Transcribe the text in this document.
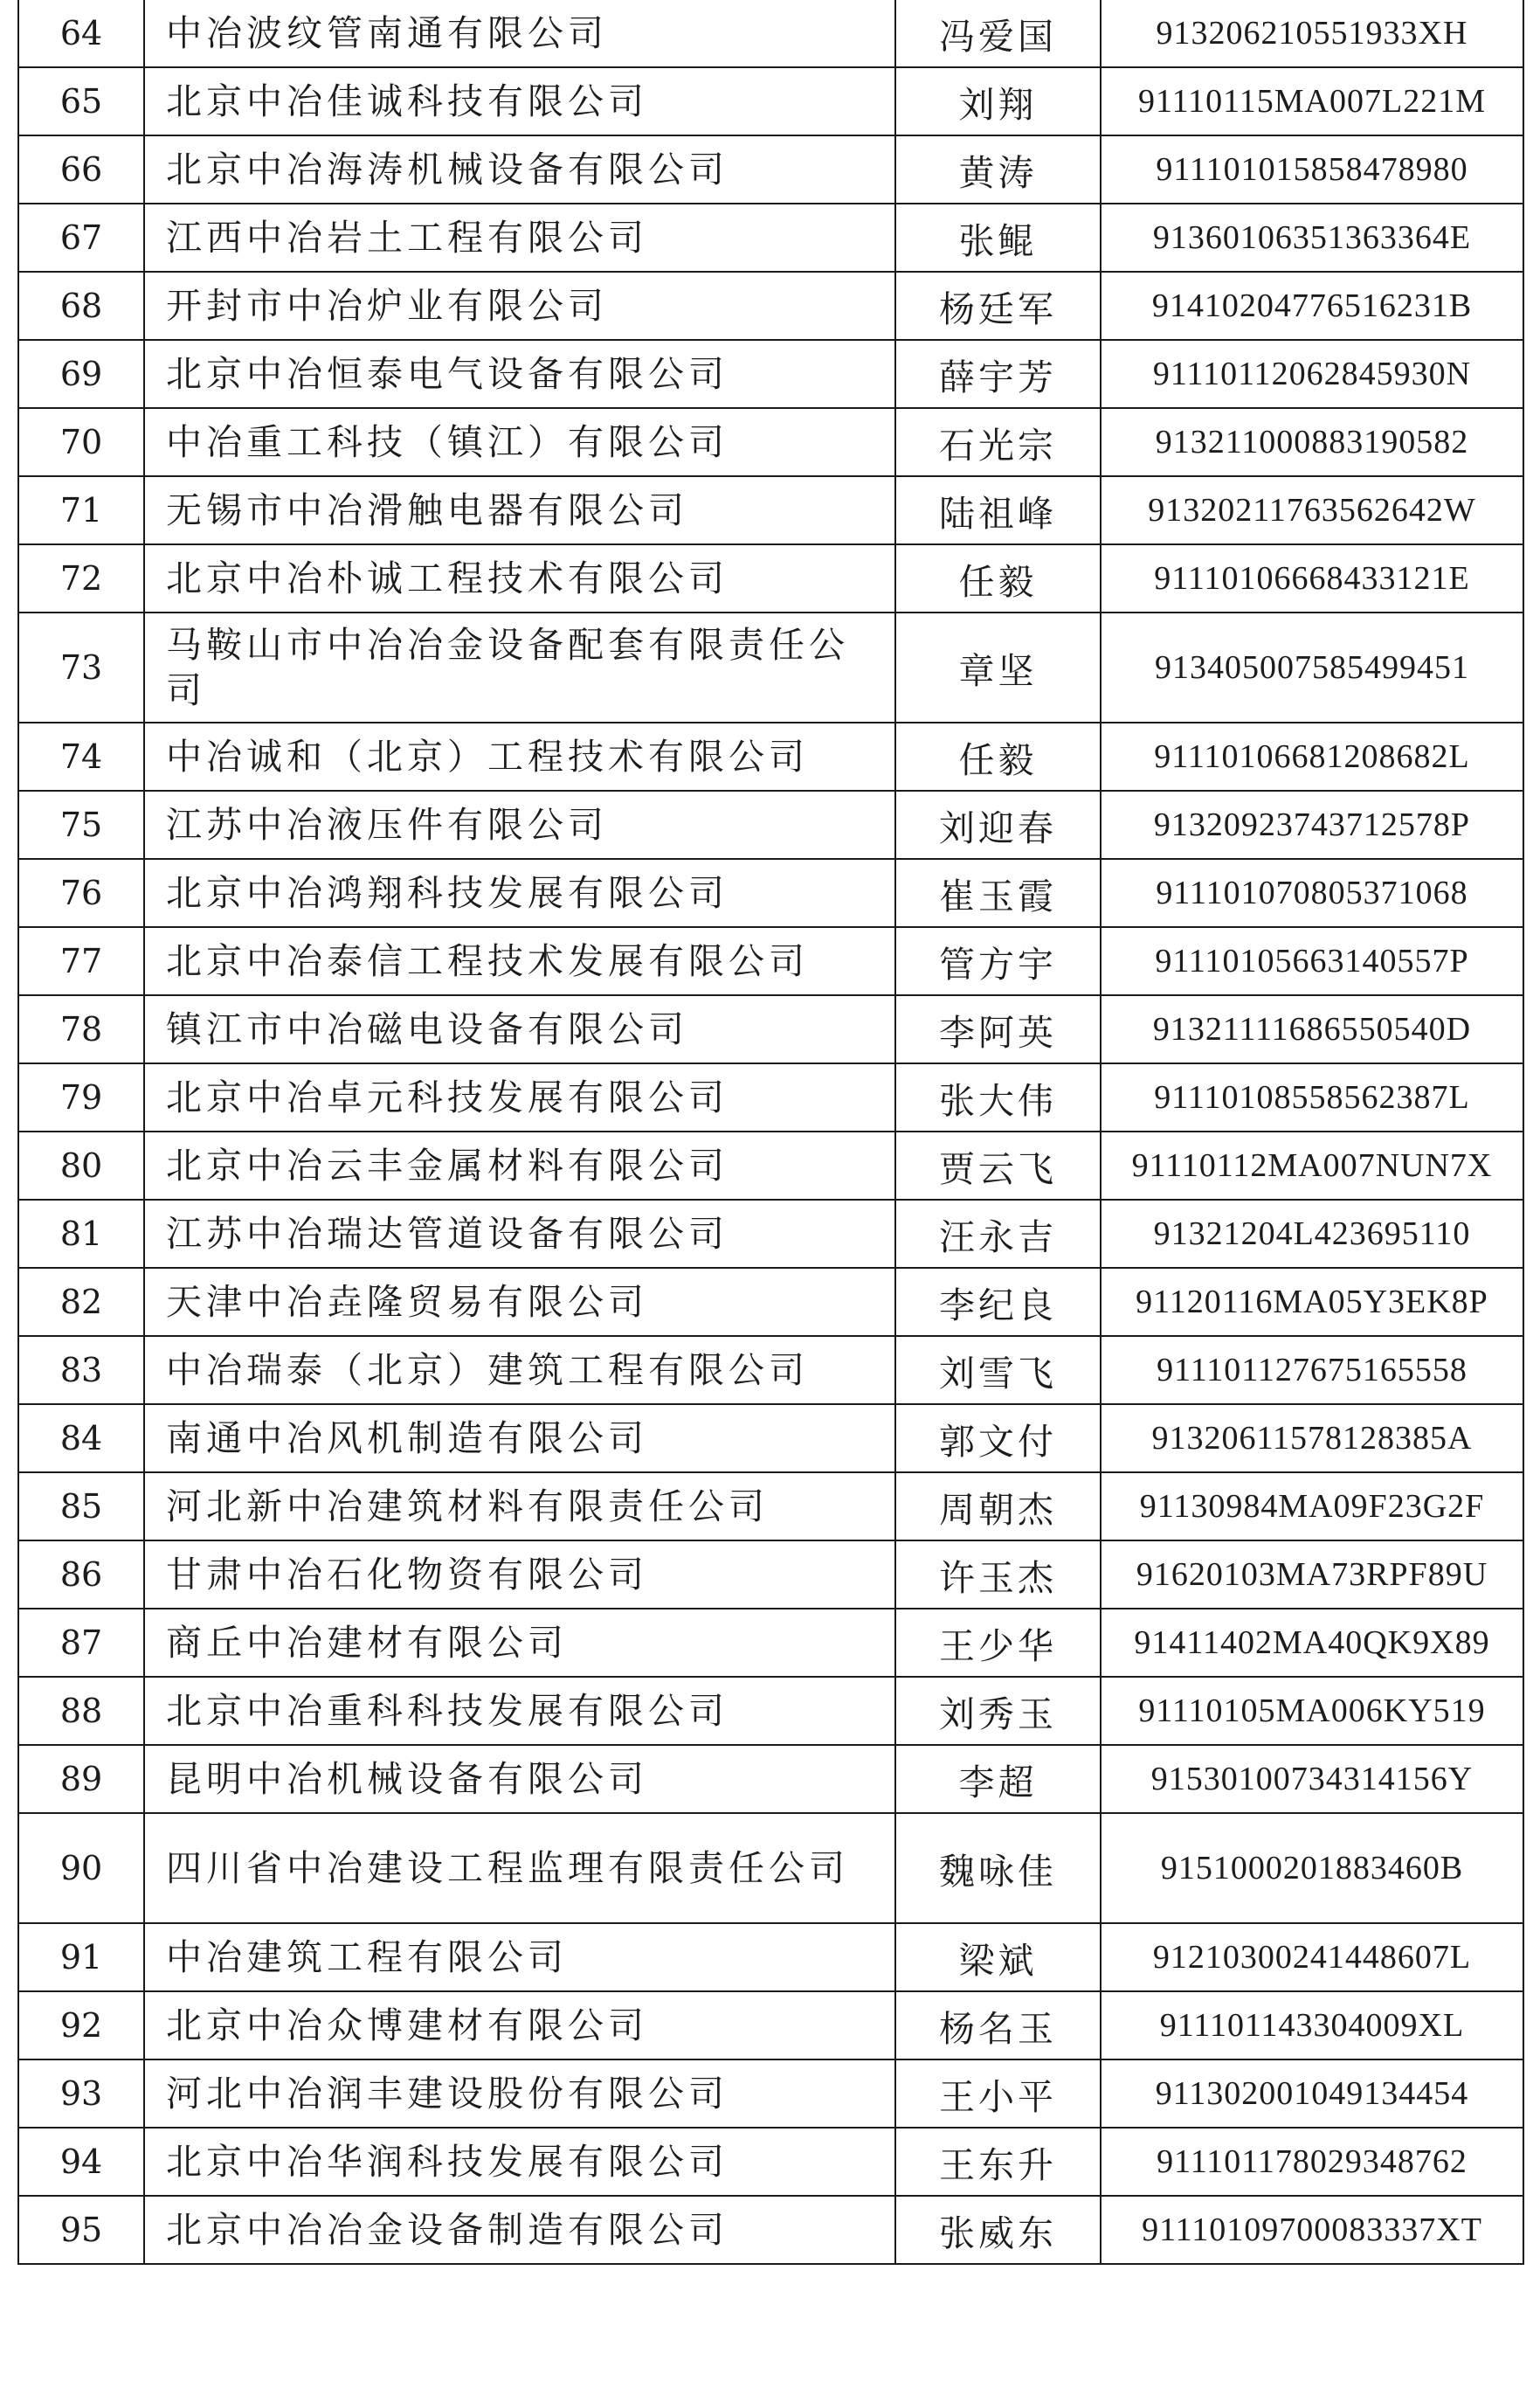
64	中冶波纹管南通有限公司	冯爱国	913206210551933XH
65	北京中冶佳诚科技有限公司	刘翔	91110115MA007L221M
66	北京中冶海涛机械设备有限公司	黄涛	911101015858478980
67	江西中冶岩土工程有限公司	张鲲	91360106351363364E
68	开封市中冶炉业有限公司	杨廷军	91410204776516231B
69	北京中冶恒泰电气设备有限公司	薛宇芳	91110112062845930N
70	中冶重工科技（镇江）有限公司	石光宗	913211000883190582
71	无锡市中冶滑触电器有限公司	陆祖峰	91320211763562642W
72	北京中冶朴诚工程技术有限公司	任毅	91110106668433121E
73	马鞍山市中冶冶金设备配套有限责任公司	章坚	913405007585499451
74	中冶诚和（北京）工程技术有限公司	任毅	91110106681208682L
75	江苏中冶液压件有限公司	刘迎春	91320923743712578P
76	北京中冶鸿翔科技发展有限公司	崔玉霞	911101070805371068
77	北京中冶泰信工程技术发展有限公司	管方宇	91110105663140557P
78	镇江市中冶磁电设备有限公司	李阿英	91321111686550540D
79	北京中冶卓元科技发展有限公司	张大伟	91110108558562387L
80	北京中冶云丰金属材料有限公司	贾云飞	91110112MA007NUN7X
81	江苏中冶瑞达管道设备有限公司	汪永吉	91321204L423695110
82	天津中冶垚隆贸易有限公司	李纪良	91120116MA05Y3EK8P
83	中冶瑞泰（北京）建筑工程有限公司	刘雪飞	911101127675165558
84	南通中冶风机制造有限公司	郭文付	91320611578128385A
85	河北新中冶建筑材料有限责任公司	周朝杰	91130984MA09F23G2F
86	甘肃中冶石化物资有限公司	许玉杰	91620103MA73RPF89U
87	商丘中冶建材有限公司	王少华	91411402MA40QK9X89
88	北京中冶重科科技发展有限公司	刘秀玉	91110105MA006KY519
89	昆明中冶机械设备有限公司	李超	91530100734314156Y
90	四川省中冶建设工程监理有限责任公司	魏咏佳	9151000201883460B
91	中冶建筑工程有限公司	梁斌	91210300241448607L
92	北京中冶众博建材有限公司	杨名玉	911101143304009XL
93	河北中冶润丰建设股份有限公司	王小平	911302001049134454
94	北京中冶华润科技发展有限公司	王东升	911101178029348762
95	北京中冶冶金设备制造有限公司	张威东	91110109700083337XT
